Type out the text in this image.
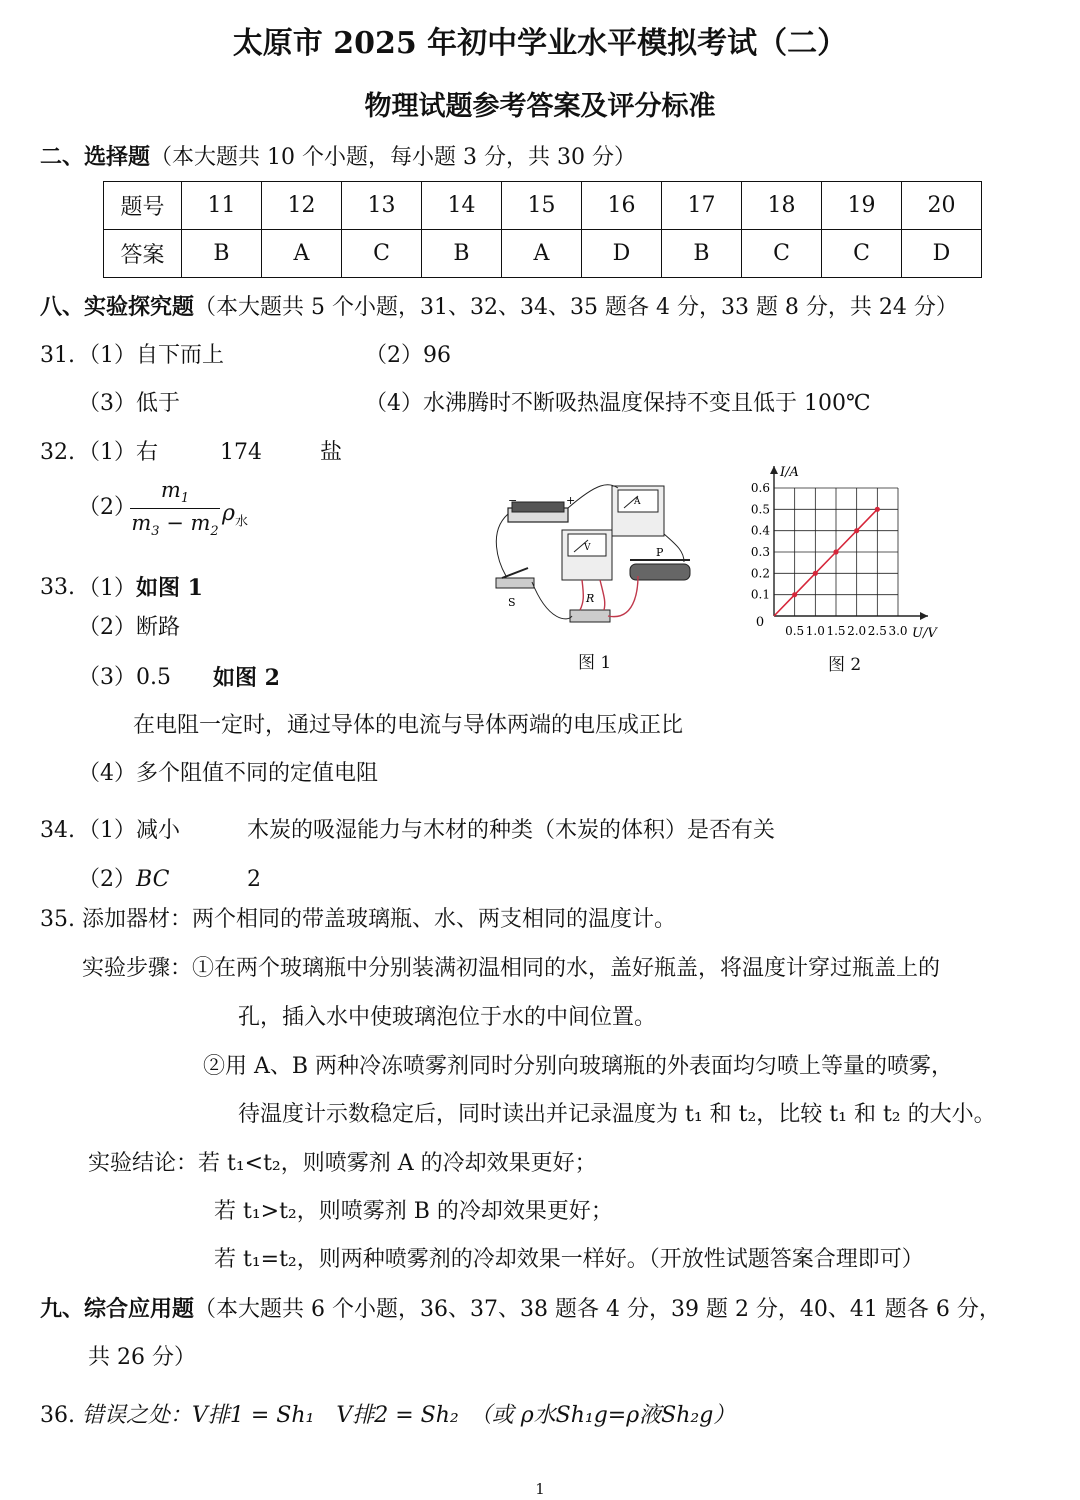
太原市 2025 年初中学业水平模拟考试（二）
物理试题参考答案及评分标准
二、选择题（本大题共 10 个小题，每小题 3 分，共 30 分）
题号	11	12	13	14	15	16	17	18	19	20
答案	B	A	C	B	A	D	B	C	C	D
八、实验探究题（本大题共 5 个小题，31、32、34、35 题各 4 分，33 题 8 分，共 24 分）
31. （1）自下而上	（2）96
（3）低于	（4）水沸腾时不断吸热温度保持不变且低于 100℃
32. （1）右	174	盐
（2）
$\frac{m_1}{m_3 - m_2} \rho_水$
33. （1）如图 1
（2）断路
（3）0.5 如图 2
在电阻一定时，通过导体的电流与导体两端的电压成正比
（4）多个阻值不同的定值电阻
−	+	A
V
S	R
P
图 1
0.6
0.5
0.4
0.3
0.2
0.1
0.5 1.0 1.5 2.0 2.5 3.0
0
I/A
U/V
图 2
34. （1）减小	木炭的吸湿能力与木材的种类（木炭的体积）是否有关
（2）BC	2
35. 添加器材：两个相同的带盖玻璃瓶、水、两支相同的温度计。
实验步骤：①在两个玻璃瓶中分别装满初温相同的水，盖好瓶盖，将温度计穿过瓶盖上的
孔，插入水中使玻璃泡位于水的中间位置。
②用 A、B 两种冷冻喷雾剂同时分别向玻璃瓶的外表面均匀喷上等量的喷雾，
待温度计示数稳定后，同时读出并记录温度为 t₁ 和 t₂，比较 t₁ 和 t₂ 的大小。
实验结论：若 t₁<t₂，则喷雾剂 A 的冷却效果更好；
若 t₁>t₂，则喷雾剂 B 的冷却效果更好；
若 t₁=t₂，则两种喷雾剂的冷却效果一样好。（开放性试题答案合理即可）
九、综合应用题（本大题共 6 个小题，36、37、38 题各 4 分，39 题 2 分，40、41 题各 6 分，
共 26 分）
36. 错误之处：V排1 = Sh₁　V排2 = Sh₂　（或 ρ水Sh₁g=ρ液Sh₂g）
1
